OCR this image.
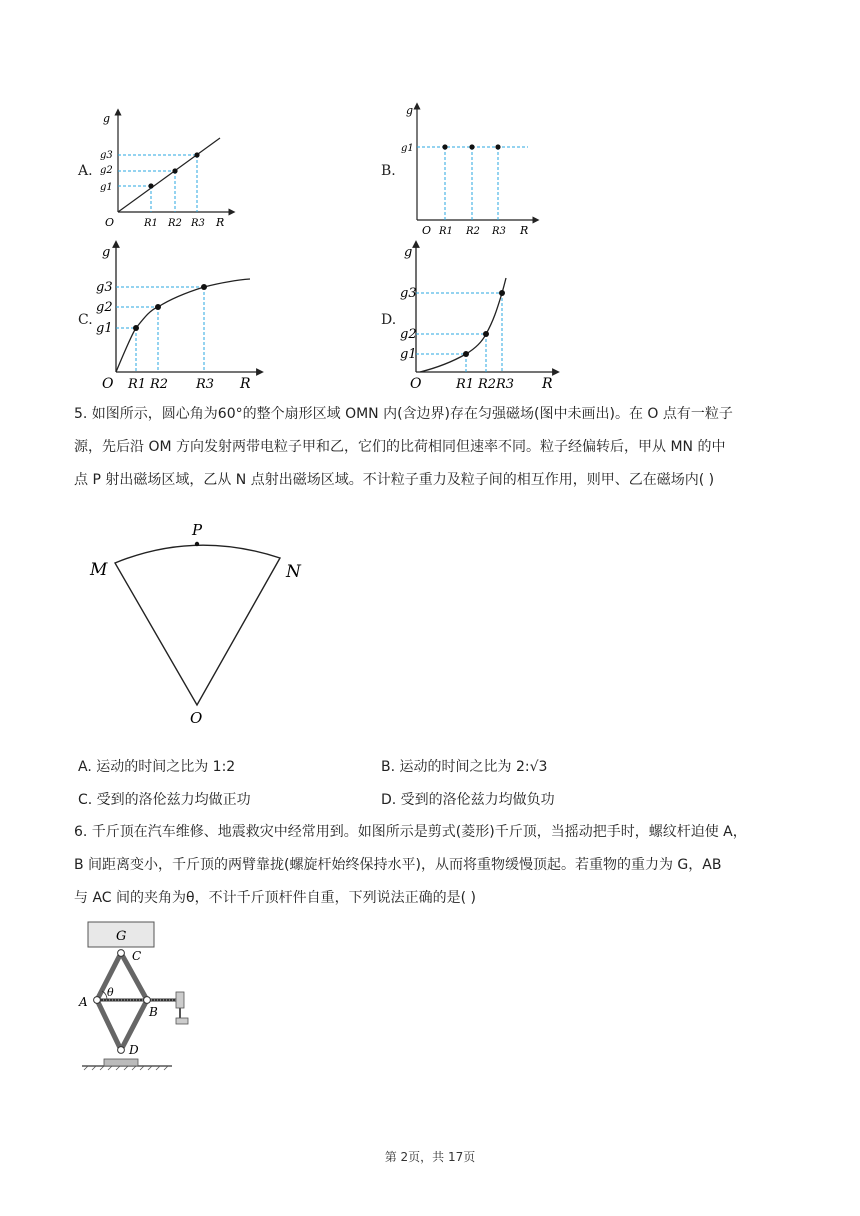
A.
g
g3
g2
g1
O	R1 R2 R3 R
B.
g
g1
O R1 R2 R3 R
C.
g
g3
g2
g1
O R1 R2 R3 R
D.
g
g3
g2
g1
O	R1 R2 R3 R
5. 如图所示，圆心角为60°的整个扇形区域 OMN 内(含边界)存在匀强磁场(图中未画出)。在 O 点有一粒子
源，先后沿 OM 方向发射两带电粒子甲和乙，它们的比荷相同但速率不同。粒子经偏转后，甲从 MN 的中
点 P 射出磁场区域，乙从 N 点射出磁场区域。不计粒子重力及粒子间的相互作用，则甲、乙在磁场内( )
M	N
P
O
A. 运动的时间之比为 1:2	B. 运动的时间之比为 2:√3
C. 受到的洛伦兹力均做正功	D. 受到的洛伦兹力均做负功
6. 千斤顶在汽车维修、地震救灾中经常用到。如图所示是剪式(菱形)千斤顶，当摇动把手时，螺纹杆迫使 A，
B 间距离变小，千斤顶的两臂靠拢(螺旋杆始终保持水平)，从而将重物缓慢顶起。若重物的重力为 G，AB
与 AC 间的夹角为θ，不计千斤顶杆件自重，下列说法正确的是( )
G
C
A
B
D
θ
第 2页，共 17页
